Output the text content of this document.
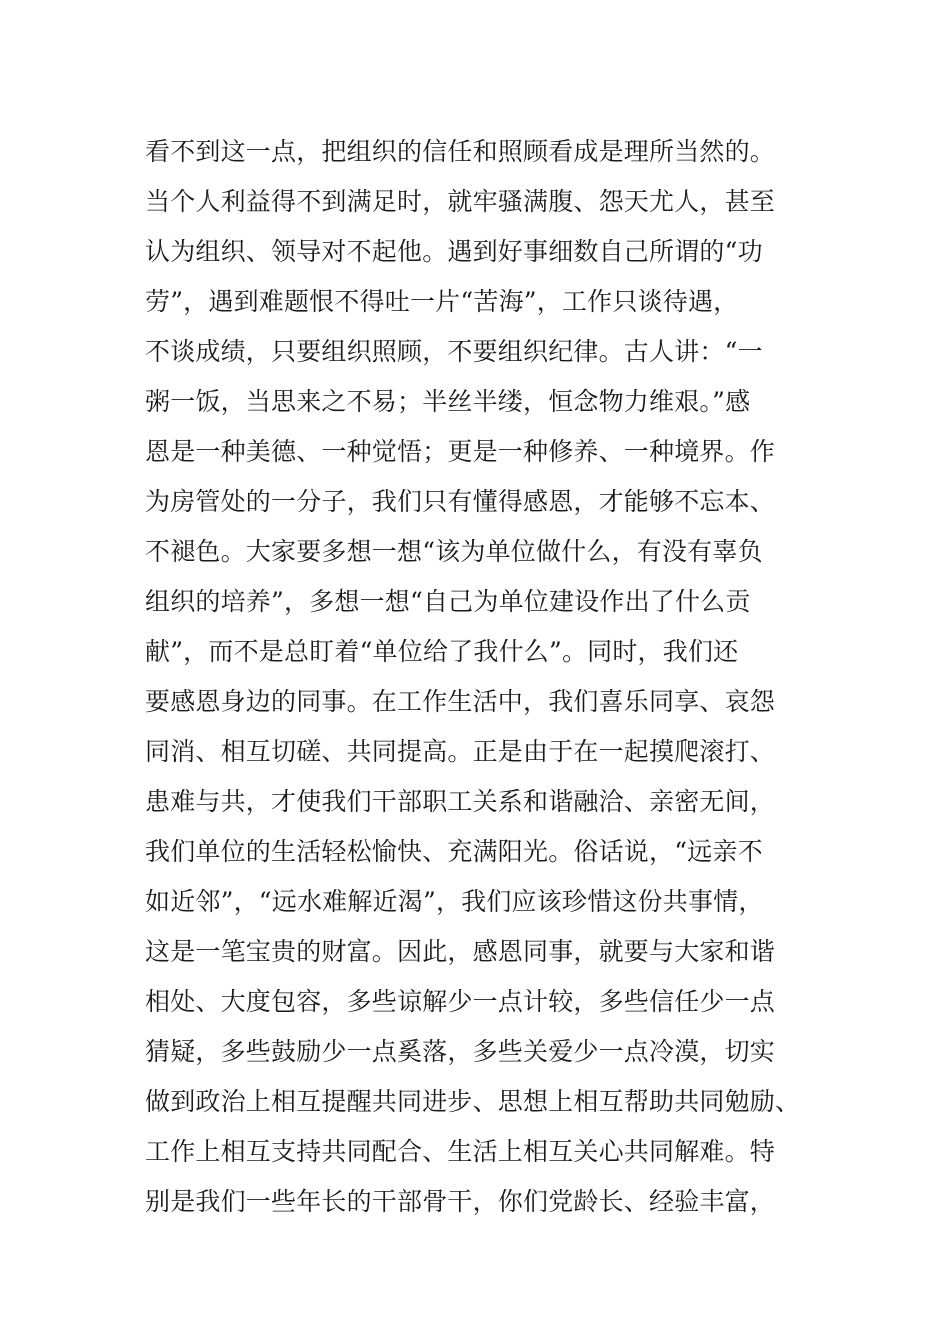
看不到这一点，把组织的信任和照顾看成是理所当然的。
当个人利益得不到满足时，就牢骚满腹、怨天尤人，甚至
认为组织、领导对不起他。遇到好事细数自己所谓的“功
劳”，遇到难题恨不得吐一片“苦海”，工作只谈待遇，
不谈成绩，只要组织照顾，不要组织纪律。古人讲：“一
粥一饭，当思来之不易；半丝半缕，恒念物力维艰。”感
恩是一种美德、一种觉悟；更是一种修养、一种境界。作
为房管处的一分子，我们只有懂得感恩，才能够不忘本、
不褪色。大家要多想一想“该为单位做什么，有没有辜负
组织的培养”，多想一想“自己为单位建设作出了什么贡
献”，而不是总盯着“单位给了我什么”。同时，我们还
要感恩身边的同事。在工作生活中，我们喜乐同享、哀怨
同消、相互切磋、共同提高。正是由于在一起摸爬滚打、
患难与共，才使我们干部职工关系和谐融洽、亲密无间，
我们单位的生活轻松愉快、充满阳光。俗话说，“远亲不
如近邻”，“远水难解近渴”，我们应该珍惜这份共事情，
这是一笔宝贵的财富。因此，感恩同事，就要与大家和谐
相处、大度包容，多些谅解少一点计较，多些信任少一点
猜疑，多些鼓励少一点奚落，多些关爱少一点冷漠，切实
做到政治上相互提醒共同进步、思想上相互帮助共同勉励、
工作上相互支持共同配合、生活上相互关心共同解难。特
别是我们一些年长的干部骨干，你们党龄长、经验丰富，
